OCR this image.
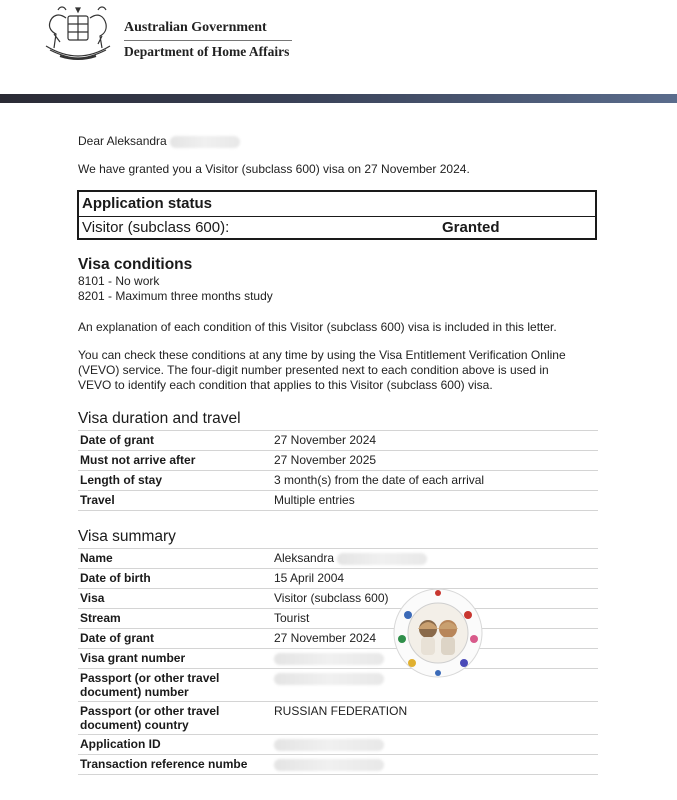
Australian Government
Department of Home Affairs
Dear Aleksandra
We have granted you a Visitor (subclass 600) visa on 27 November 2024.
Application status
Visitor (subclass 600):	Granted
Visa conditions
8101 - No work
8201 - Maximum three months study
An explanation of each condition of this Visitor (subclass 600) visa is included in this letter.
You can check these conditions at any time by using the Visa Entitlement Verification Online
(VEVO) service. The four-digit number presented next to each condition above is used in
VEVO to identify each condition that applies to this Visitor (subclass 600) visa.
Visa duration and travel
Date of grant	27 November 2024
Must not arrive after	27 November 2025
Length of stay	3 month(s) from the date of each arrival
Travel	Multiple entries
Visa summary
Name	Aleksandra
Date of birth	15 April 2004
Visa	Visitor (subclass 600)
Stream	Tourist
Date of grant	27 November 2024
Visa grant number	
Passport (or other travel document) number	
Passport (or other travel document) country	RUSSIAN FEDERATION
Application ID	
Transaction reference numbe	
